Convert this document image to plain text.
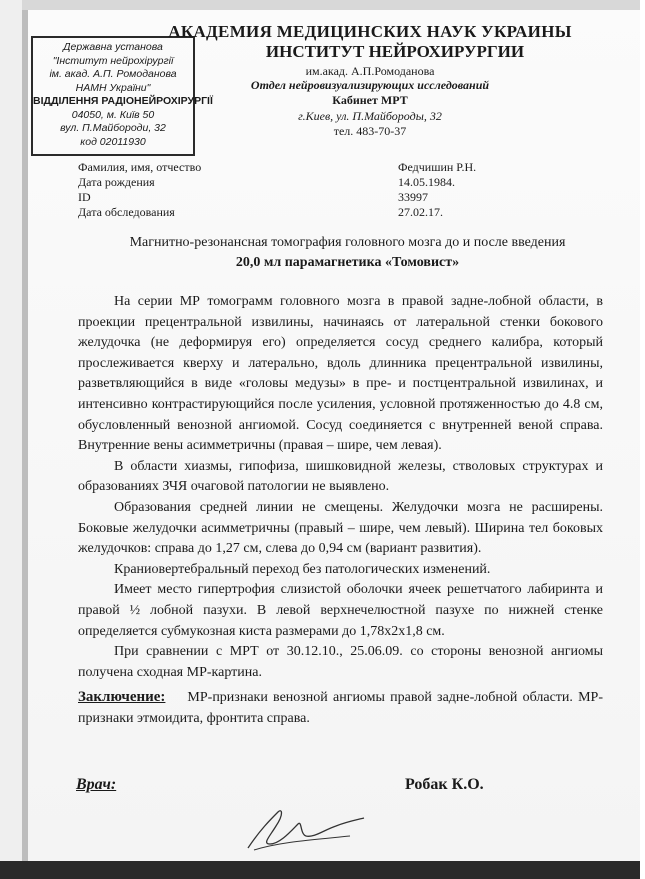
Державна установа
"Інститут нейрохірургії
ім. акад. А.П. Ромоданова
НАМН України"
ВІДДІЛЕННЯ РАДІОНЕЙРОХІРУРГІЇ
04050, м. Київ 50
вул. П.Майбороди, 32
код 02011930
АКАДЕМИЯ МЕДИЦИНСКИХ НАУК УКРАИНЫ
ИНСТИТУТ НЕЙРОХИРУРГИИ
им.акад. А.П.Ромоданова
Отдел нейровизуализирующих исследований
Кабинет МРТ
г.Киев, ул. П.Майбороды, 32
тел. 483-70-37
Фамилия, имя, отчество	Федчишин Р.Н.
Дата рождения	14.05.1984.
ID	33997
Дата обследования	27.02.17.
Магнитно-резонансная томография головного мозга до и после введения
20,0 мл парамагнетика «Томовист»

На серии МР томограмм головного мозга в правой задне-лобной области, в проекции прецентральной извилины, начинаясь от латеральной стенки бокового желудочка (не деформируя его) определяется сосуд среднего калибра, который прослеживается кверху и латерально, вдоль длинника прецентральной извилины, разветвляющийся в виде «головы медузы» в пре- и постцентральной извилинах, и интенсивно контрастирующийся после усиления, условной протяженностью до 4.8 см, обусловленный венозной ангиомой. Сосуд соединяется с внутренней веной справа. Внутренние вены асимметричны (правая – шире, чем левая).

В области хиазмы, гипофиза, шишковидной железы, стволовых структурах и образованиях ЗЧЯ очаговой патологии не выявлено.

Образования средней линии не смещены. Желудочки мозга не расширены. Боковые желудочки асимметричны (правый – шире, чем левый). Ширина тел боковых желудочков: справа до 1,27 см, слева до 0,94 см (вариант развития).

Краниовертебральный переход без патологических изменений.

Имеет место гипертрофия слизистой оболочки ячеек решетчатого лабиринта и правой ½ лобной пазухи. В левой верхнечелюстной пазухе по нижней стенке определяется субмукозная киста размерами до 1,78х2х1,8 см.

При сравнении с МРТ от 30.12.10., 25.06.09. со стороны венозной ангиомы получена сходная МР-картина.

Заключение: МР-признаки венозной ангиомы правой задне-лобной области. МР-признаки этмоидита, фронтита справа.

Врач:	Робак К.О.
